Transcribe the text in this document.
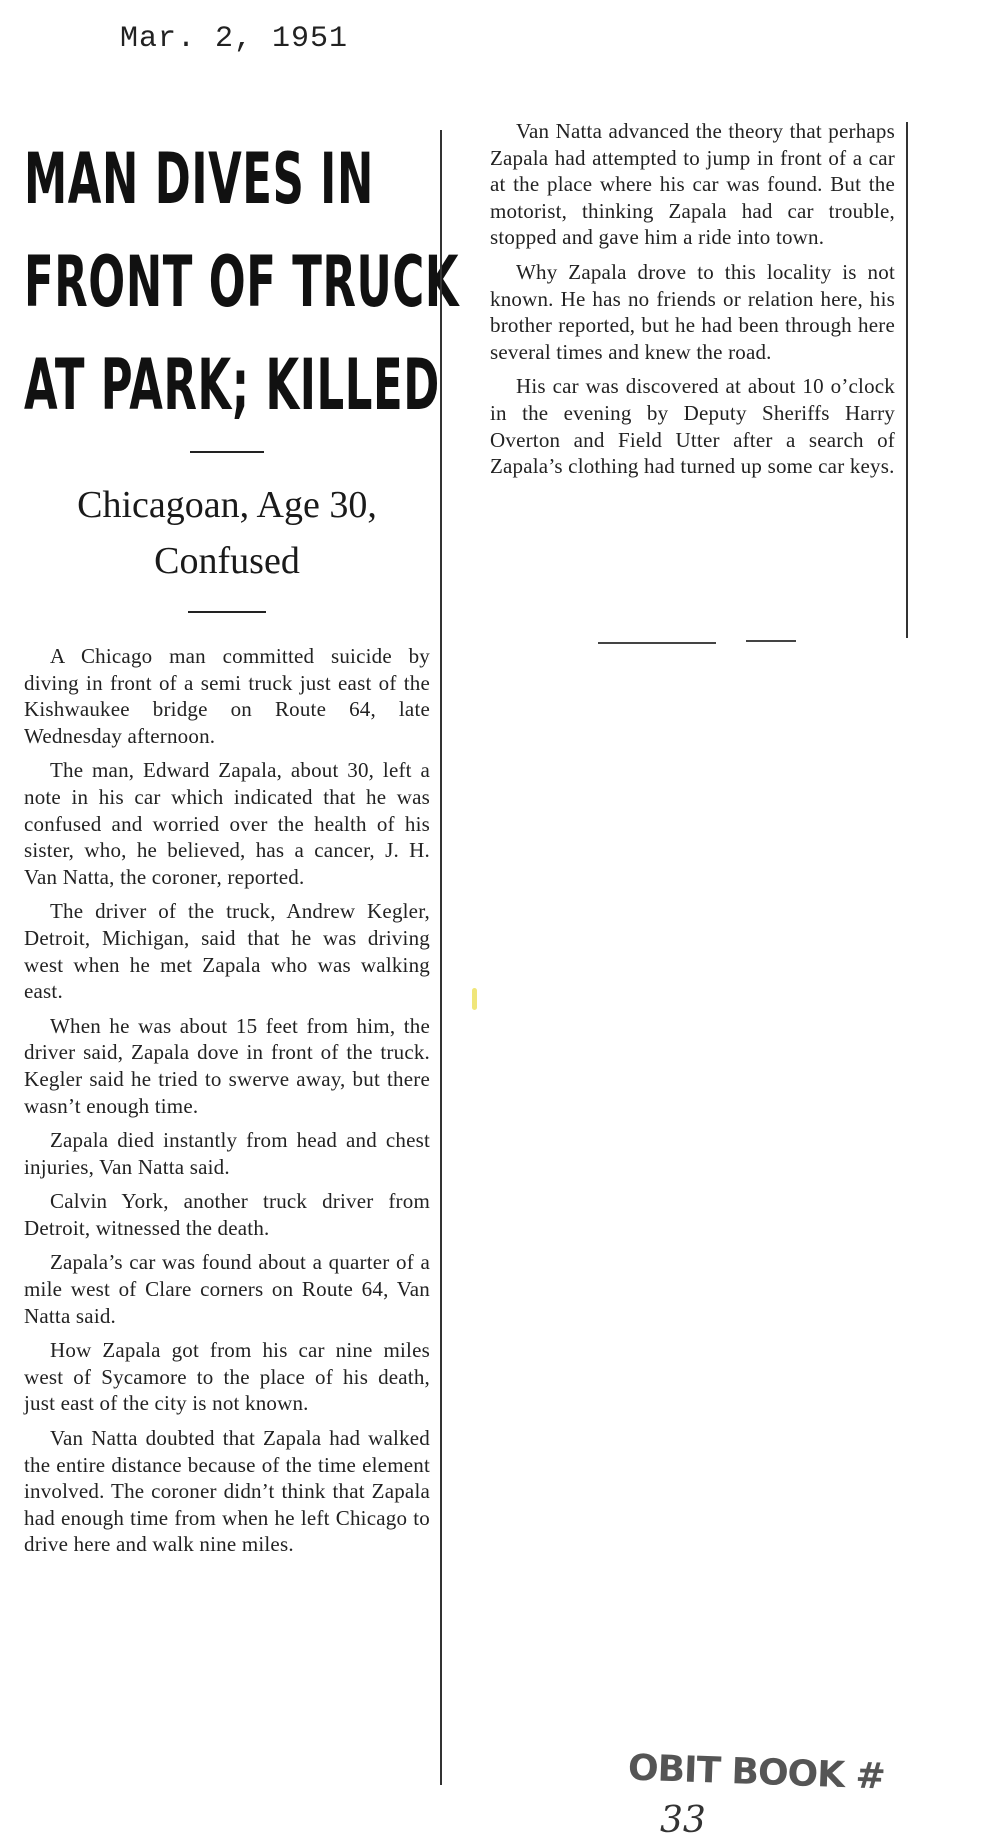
Mar. 2, 1951
MAN DIVES IN
FRONT OF TRUCK
AT PARK; KILLED
Chicagoan, Age 30,
Confused

A Chicago man committed suicide by diving in front of a semi truck just east of the Kishwaukee bridge on Route 64, late Wednesday afternoon.

The man, Edward Zapala, about 30, left a note in his car which indicated that he was confused and worried over the health of his sister, who, he believed, has a cancer, J. H. Van Natta, the coroner, reported.

The driver of the truck, Andrew Kegler, Detroit, Michigan, said that he was driving west when he met Zapala who was walking east.

When he was about 15 feet from him, the driver said, Zapala dove in front of the truck. Kegler said he tried to swerve away, but there wasn’t enough time.

Zapala died instantly from head and chest injuries, Van Natta said.

Calvin York, another truck driver from Detroit, witnessed the death.

Zapala’s car was found about a quarter of a mile west of Clare corners on Route 64, Van Natta said.

How Zapala got from his car nine miles west of Sycamore to the place of his death, just east of the city is not known.

Van Natta doubted that Zapala had walked the entire distance because of the time element involved. The coroner didn’t think that Zapala had enough time from when he left Chicago to drive here and walk nine miles.

Van Natta advanced the theory that perhaps Zapala had attempted to jump in front of a car at the place where his car was found. But the motorist, thinking Zapala had car trouble, stopped and gave him a ride into town.

Why Zapala drove to this locality is not known. He has no friends or relation here, his brother reported, but he had been through here several times and knew the road.

His car was discovered at about 10 o’clock in the evening by Deputy Sheriffs Harry Overton and Field Utter after a search of Zapala’s clothing had turned up some car keys.

OBIT BOOK #
33
